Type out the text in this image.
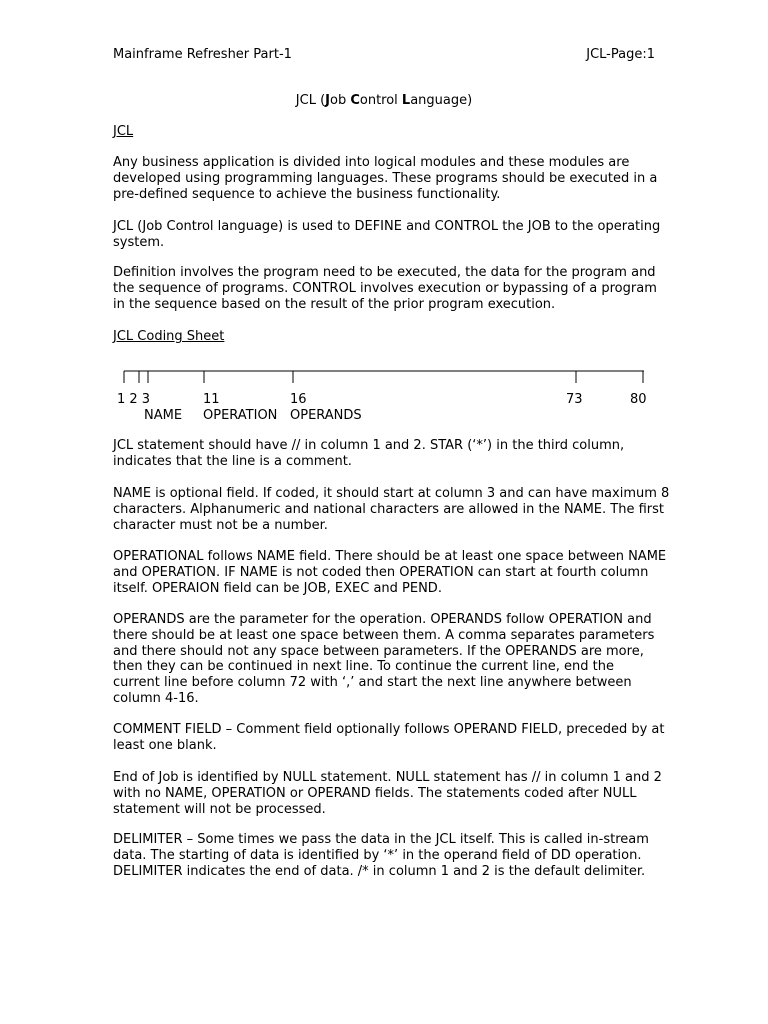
Mainframe Refresher Part-1	JCL-Page:1
JCL (Job Control Language)
JCL
Any business application is divided into logical modules and these modules are
developed using programming languages. These programs should be executed in a
pre-defined sequence to achieve the business functionality.
JCL (Job Control language) is used to DEFINE and CONTROL the JOB to the operating
system.
Definition involves the program need to be executed, the data for the program and
the sequence of programs. CONTROL involves execution or bypassing of a program
in the sequence based on the result of the prior program execution.
JCL Coding Sheet
1 2 3	11	16	73	80
NAME OPERATION OPERANDS
JCL statement should have // in column 1 and 2. STAR (‘*’) in the third column,
indicates that the line is a comment.
NAME is optional field. If coded, it should start at column 3 and can have maximum 8
characters. Alphanumeric and national characters are allowed in the NAME. The first
character must not be a number.
OPERATIONAL follows NAME field. There should be at least one space between NAME
and OPERATION. IF NAME is not coded then OPERATION can start at fourth column
itself. OPERAION field can be JOB, EXEC and PEND.
OPERANDS are the parameter for the operation. OPERANDS follow OPERATION and
there should be at least one space between them. A comma separates parameters
and there should not any space between parameters. If the OPERANDS are more,
then they can be continued in next line. To continue the current line, end the
current line before column 72 with ‘,’ and start the next line anywhere between
column 4-16.
COMMENT FIELD – Comment field optionally follows OPERAND FIELD, preceded by at
least one blank.
End of Job is identified by NULL statement. NULL statement has // in column 1 and 2
with no NAME, OPERATION or OPERAND fields. The statements coded after NULL
statement will not be processed.
DELIMITER – Some times we pass the data in the JCL itself. This is called in-stream
data. The starting of data is identified by ‘*’ in the operand field of DD operation.
DELIMITER indicates the end of data. /* in column 1 and 2 is the default delimiter.
